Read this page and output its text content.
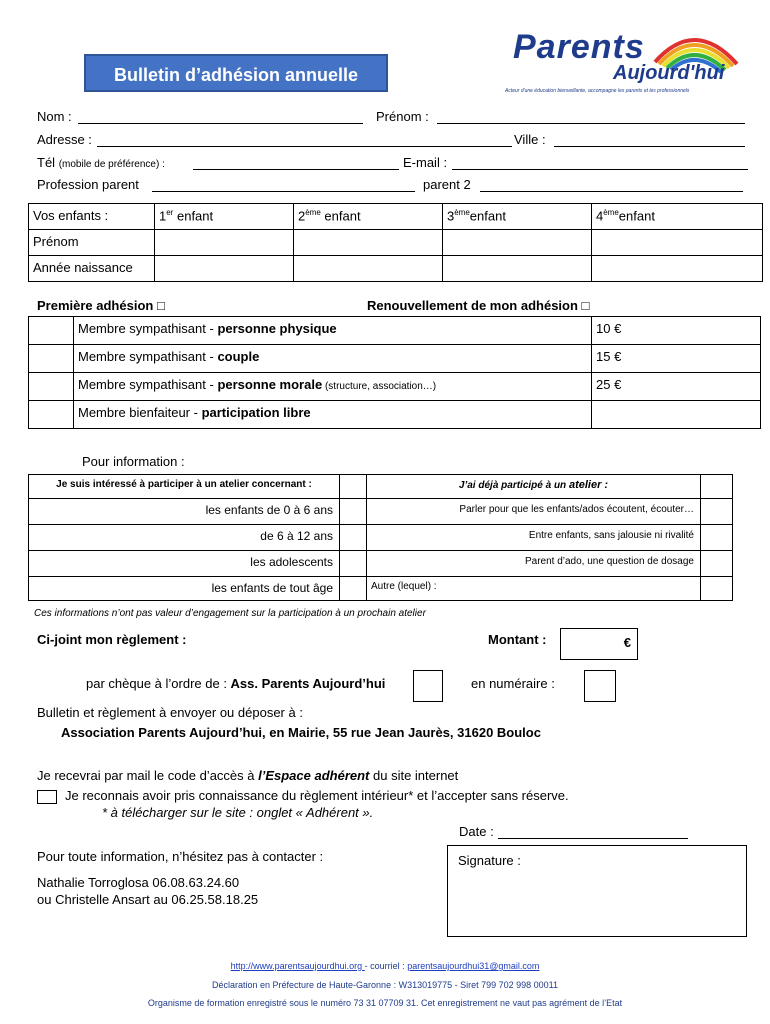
Bulletin d’adhésion annuelle
Parents
Aujourd'hui
Acteur d'une éducation bienveillante, accompagne les parents et les professionnels
Nom :	Prénom :
Adresse :	Ville :
Tél (mobile de préférence) :	E-mail :
Profession parent	parent 2
Vos enfants :	1er enfant	2ème enfant	3èmeenfant	4èmeenfant
Prénom				
Année naissance				
Première adhésion □	Renouvellement de mon adhésion □
	Membre sympathisant - personne physique	10 €
	Membre sympathisant - couple	15 €
	Membre sympathisant - personne morale (structure, association…)	25 €
	Membre bienfaiteur - participation libre	
Pour information :
Je suis intéressé à participer à un atelier concernant :		J’ai déjà participé à un atelier :	
les enfants de 0 à 6 ans		Parler pour que les enfants/ados écoutent, écouter…	
de 6 à 12 ans		Entre enfants, sans jalousie ni rivalité	
les adolescents		Parent d’ado, une question de dosage	
les enfants de tout âge		Autre (lequel) :	
Ces informations n’ont pas valeur d’engagement sur la participation à un prochain atelier
Ci-joint mon règlement :	Montant :	€
par chèque à l’ordre de : Ass. Parents Aujourd’hui	en numéraire :
Bulletin et règlement à envoyer ou déposer à :
Association Parents Aujourd’hui, en Mairie, 55 rue Jean Jaurès, 31620 Bouloc
Je recevrai par mail le code d’accès à l’Espace adhérent du site internet
Je reconnais avoir pris connaissance du règlement intérieur* et l’accepter sans réserve.
* à télécharger sur le site : onglet « Adhérent ».
Date :
Pour toute information, n’hésitez pas à contacter :
Nathalie Torroglosa 06.08.63.24.60
ou Christelle Ansart au 06.25.58.18.25
Signature :
http://www.parentsaujourdhui.org - courriel : parentsaujourdhui31@gmail.com
Déclaration en Préfecture de Haute-Garonne : W313019775 - Siret 799 702 998 00011
Organisme de formation enregistré sous le numéro 73 31 07709 31. Cet enregistrement ne vaut pas agrément de l’Etat
